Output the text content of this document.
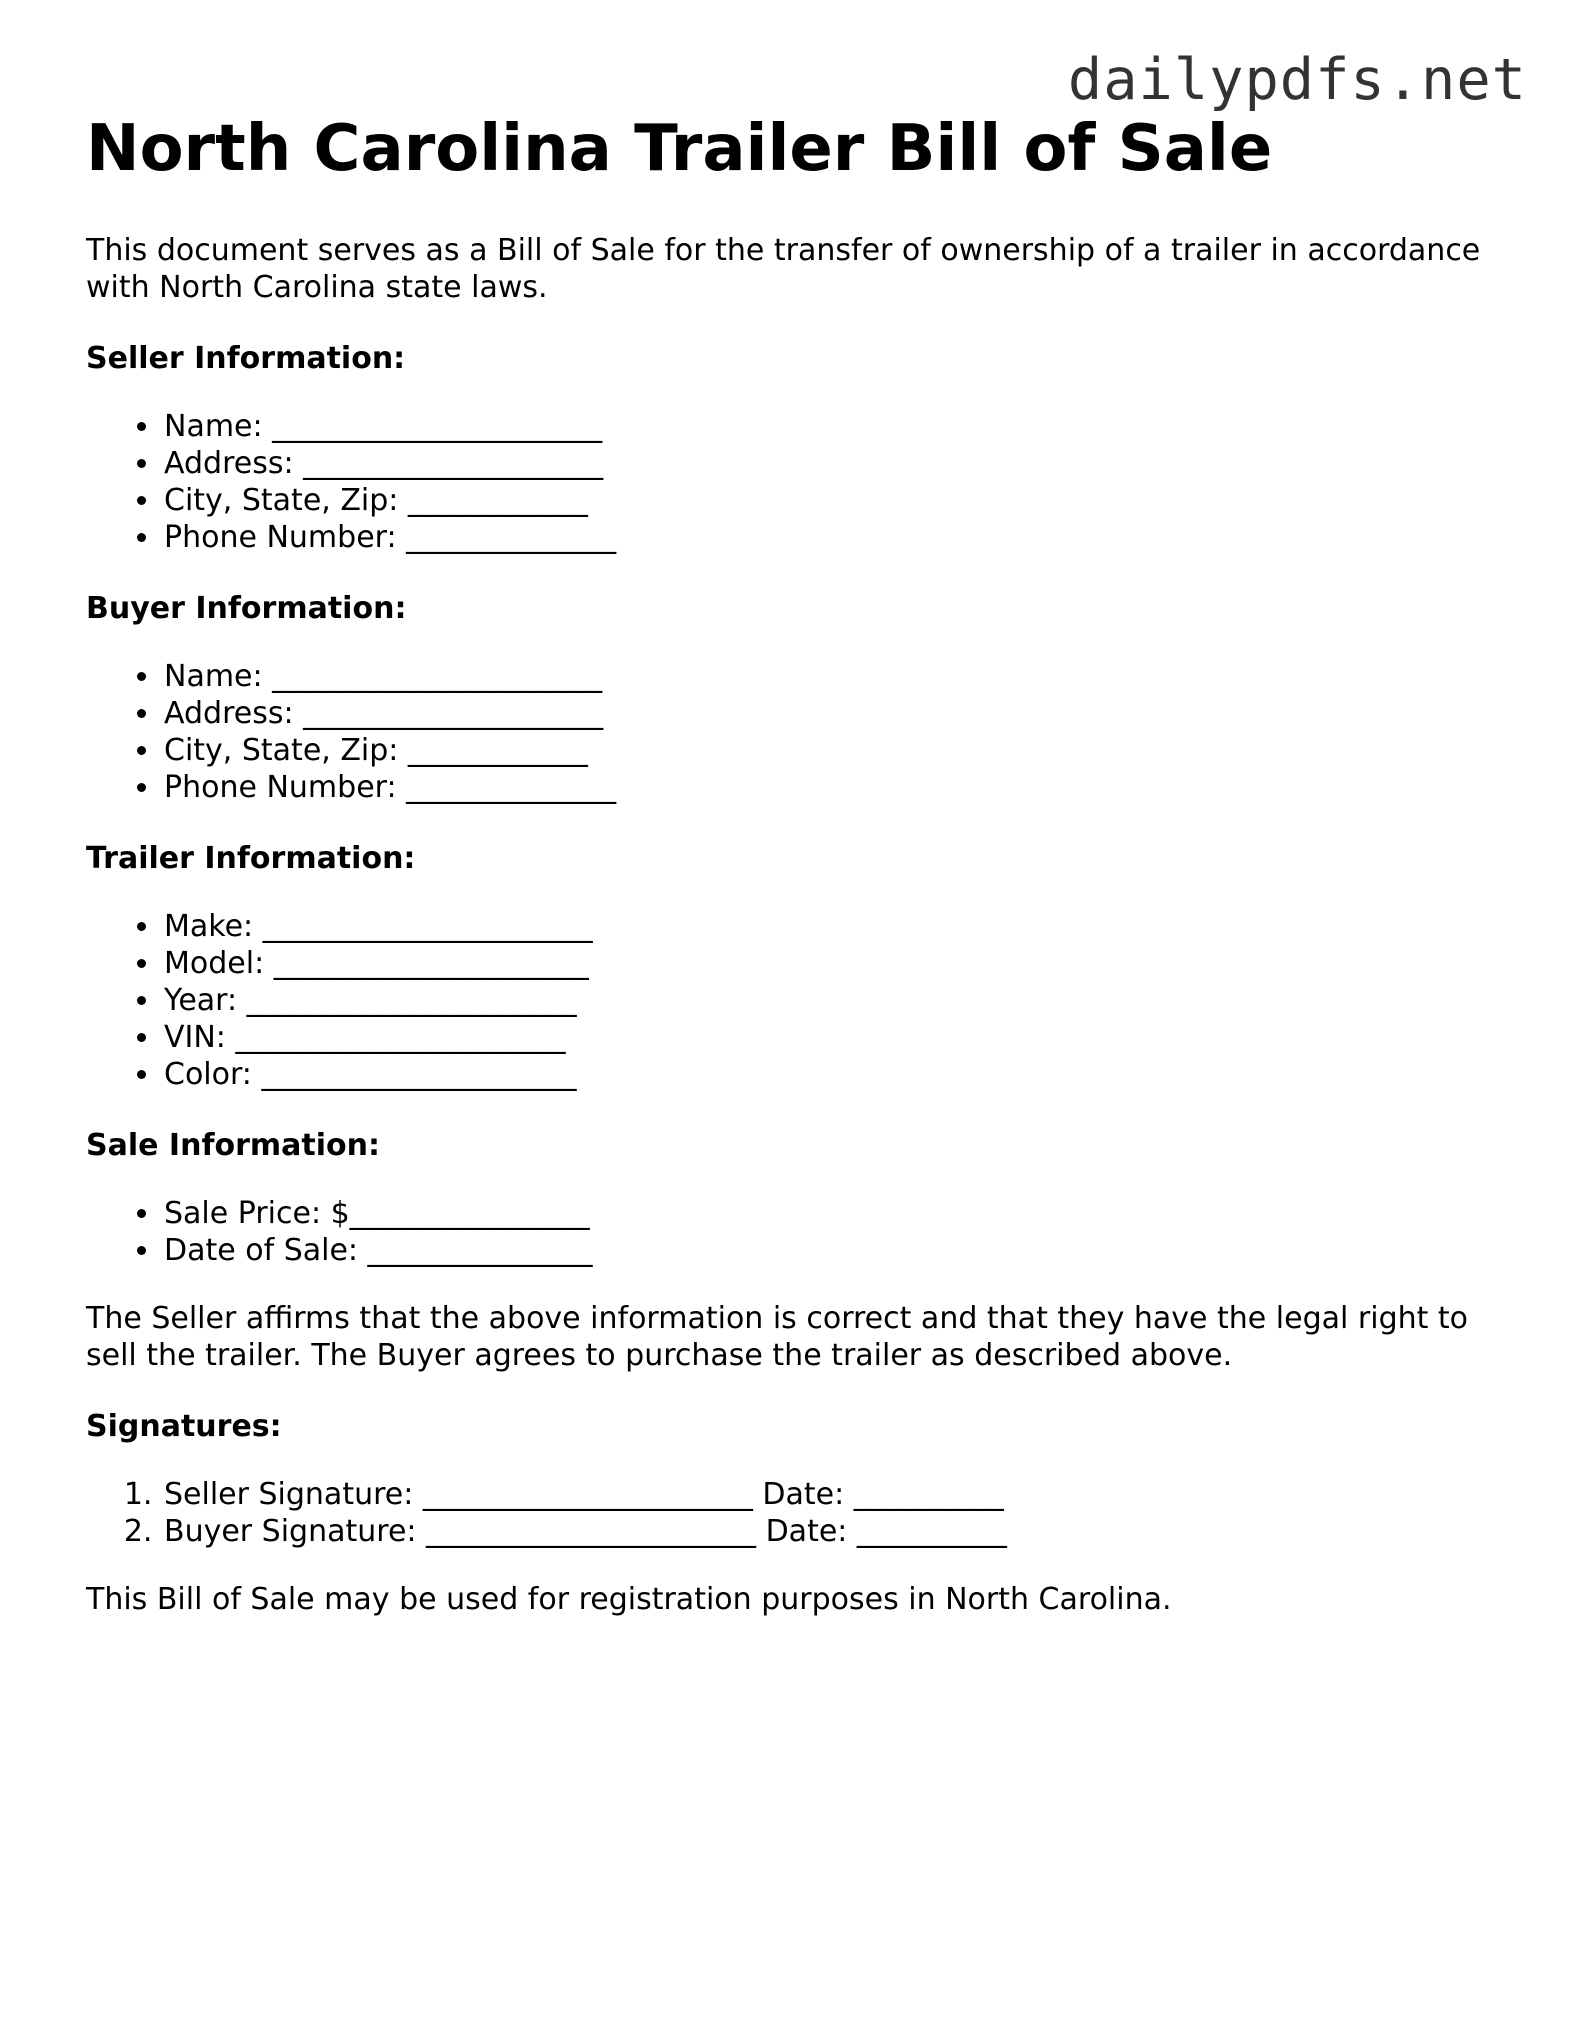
dailypdfs.net
North Carolina Trailer Bill of Sale

This document serves as a Bill of Sale for the transfer of ownership of a trailer in accordance with North Carolina state laws.

Seller Information:
• Name: ______________________
• Address: ____________________
• City, State, Zip: ____________
• Phone Number: ______________
Buyer Information:
• Name: ______________________
• Address: ____________________
• City, State, Zip: ____________
• Phone Number: ______________
Trailer Information:
• Make: ______________________
• Model: _____________________
• Year: ______________________
• VIN: ______________________
• Color: _____________________
Sale Information:
• Sale Price: $________________
• Date of Sale: _______________

The Seller affirms that the above information is correct and that they have the legal right to sell the trailer. The Buyer agrees to purchase the trailer as described above.

Signatures:
1. Seller Signature: ______________________ Date: __________
2. Buyer Signature: ______________________ Date: __________

This Bill of Sale may be used for registration purposes in North Carolina.
